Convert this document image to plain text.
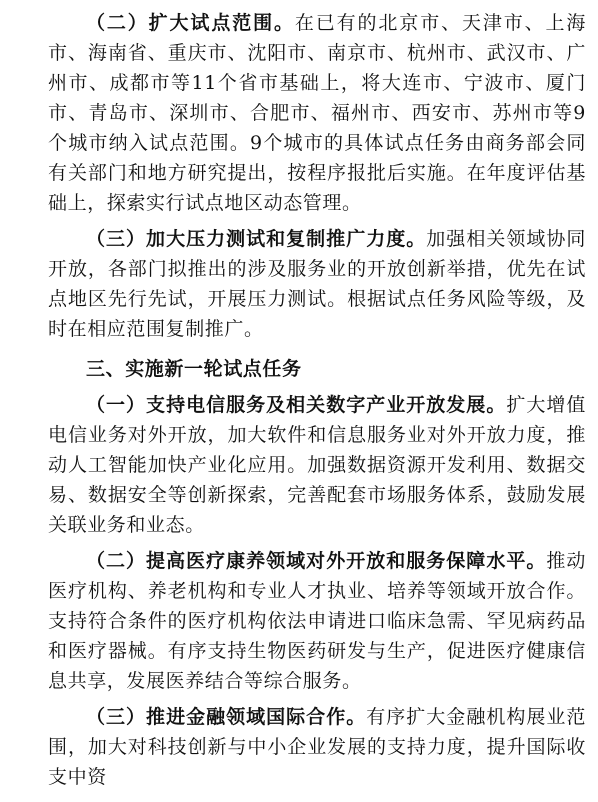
（二）扩大试点范围。在已有的北京市、天津市、上海市、海南省、重庆市、沈阳市、南京市、杭州市、武汉市、广州市、成都市等11个省市基础上，将大连市、宁波市、厦门市、青岛市、深圳市、合肥市、福州市、西安市、苏州市等9个城市纳入试点范围。9个城市的具体试点任务由商务部会同有关部门和地方研究提出，按程序报批后实施。在年度评估基础上，探索实行试点地区动态管理。

（三）加大压力测试和复制推广力度。加强相关领域协同开放，各部门拟推出的涉及服务业的开放创新举措，优先在试点地区先行先试，开展压力测试。根据试点任务风险等级，及时在相应范围复制推广。

三、实施新一轮试点任务

（一）支持电信服务及相关数字产业开放发展。扩大增值电信业务对外开放，加大软件和信息服务业对外开放力度，推动人工智能加快产业化应用。加强数据资源开发利用、数据交易、数据安全等创新探索，完善配套市场服务体系，鼓励发展关联业务和业态。

（二）提高医疗康养领域对外开放和服务保障水平。推动医疗机构、养老机构和专业人才执业、培养等领域开放合作。支持符合条件的医疗机构依法申请进口临床急需、罕见病药品和医疗器械。有序支持生物医药研发与生产，促进医疗健康信息共享，发展医养结合等综合服务。

（三）推进金融领域国际合作。有序扩大金融机构展业范围，加大对科技创新与中小企业发展的支持力度，提升国际收支中资
